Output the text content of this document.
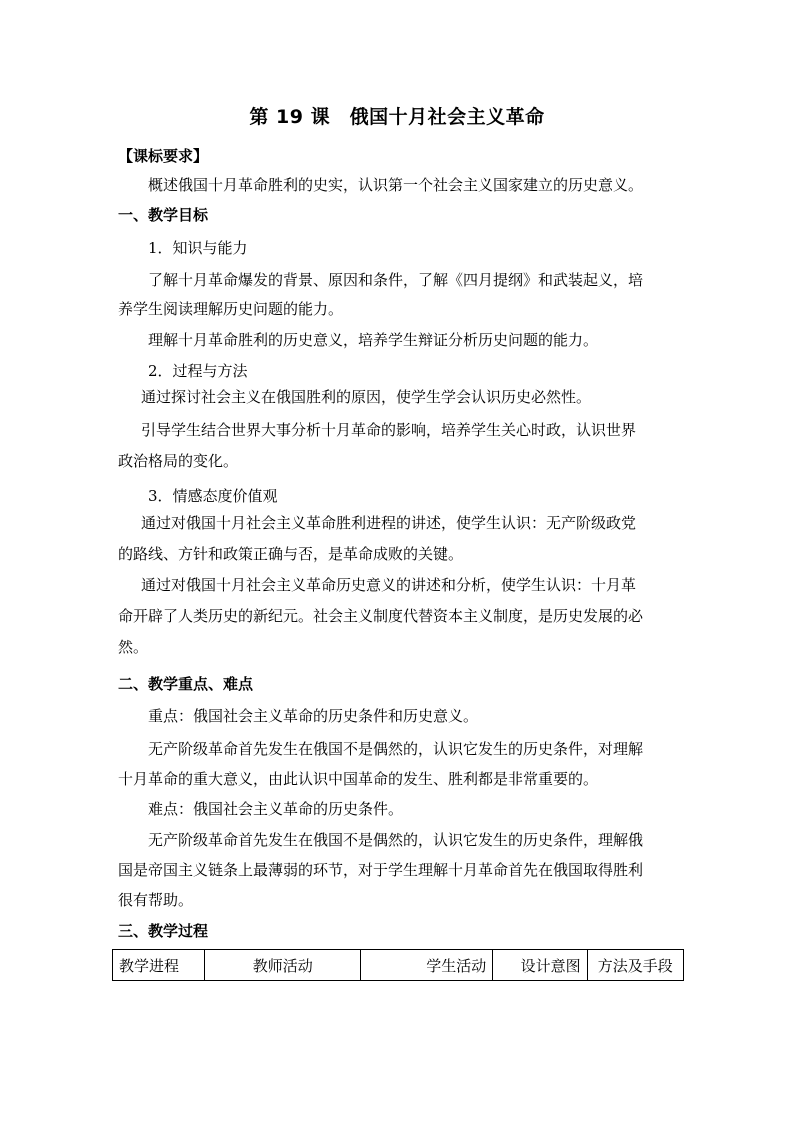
第 19 课　俄国十月社会主义革命
【课标要求】
概述俄国十月革命胜利的史实，认识第一个社会主义国家建立的历史意义。
一、教学目标
1．知识与能力
了解十月革命爆发的背景、原因和条件，了解《四月提纲》和武装起义，培
养学生阅读理解历史问题的能力。
理解十月革命胜利的历史意义，培养学生辩证分析历史问题的能力。
2．过程与方法
通过探讨社会主义在俄国胜利的原因，使学生学会认识历史必然性。
引导学生结合世界大事分析十月革命的影响，培养学生关心时政，认识世界
政治格局的变化。
3．情感态度价值观
通过对俄国十月社会主义革命胜利进程的讲述，使学生认识：无产阶级政党
的路线、方针和政策正确与否，是革命成败的关键。
通过对俄国十月社会主义革命历史意义的讲述和分析，使学生认识：十月革
命开辟了人类历史的新纪元。社会主义制度代替资本主义制度，是历史发展的必
然。
二、教学重点、难点
重点：俄国社会主义革命的历史条件和历史意义。
无产阶级革命首先发生在俄国不是偶然的，认识它发生的历史条件，对理解
十月革命的重大意义，由此认识中国革命的发生、胜利都是非常重要的。
难点：俄国社会主义革命的历史条件。
无产阶级革命首先发生在俄国不是偶然的，认识它发生的历史条件，理解俄
国是帝国主义链条上最薄弱的环节，对于学生理解十月革命首先在俄国取得胜利
很有帮助。
三、教学过程
教学进程	教师活动	学生活动	设计意图	方法及手段
